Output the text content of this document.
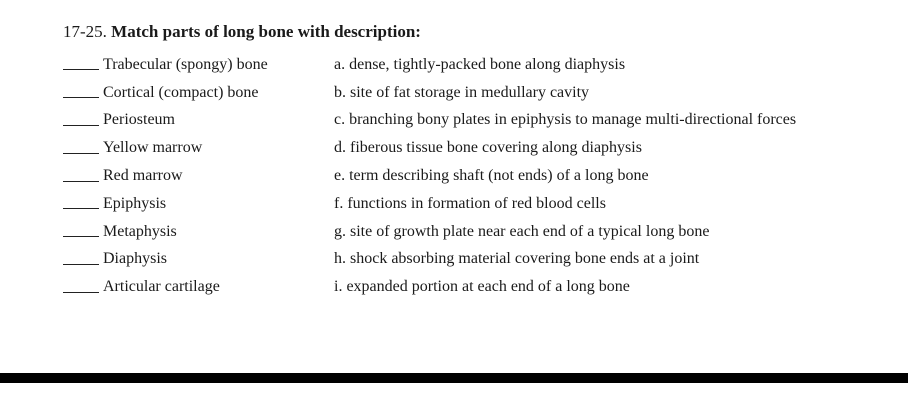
17-25. Match parts of long bone with description:
Trabecular (spongy) bone
Cortical (compact) bone
Periosteum
Yellow marrow
Red marrow
Epiphysis
Metaphysis
Diaphysis
Articular cartilage
a. dense, tightly-packed bone along diaphysis
b. site of fat storage in medullary cavity
c. branching bony plates in epiphysis to manage multi-directional forces
d. fiberous tissue bone covering along diaphysis
e. term describing shaft (not ends) of a long bone
f. functions in formation of red blood cells
g. site of growth plate near each end of a typical long bone
h. shock absorbing material covering bone ends at a joint
i. expanded portion at each end of a long bone
